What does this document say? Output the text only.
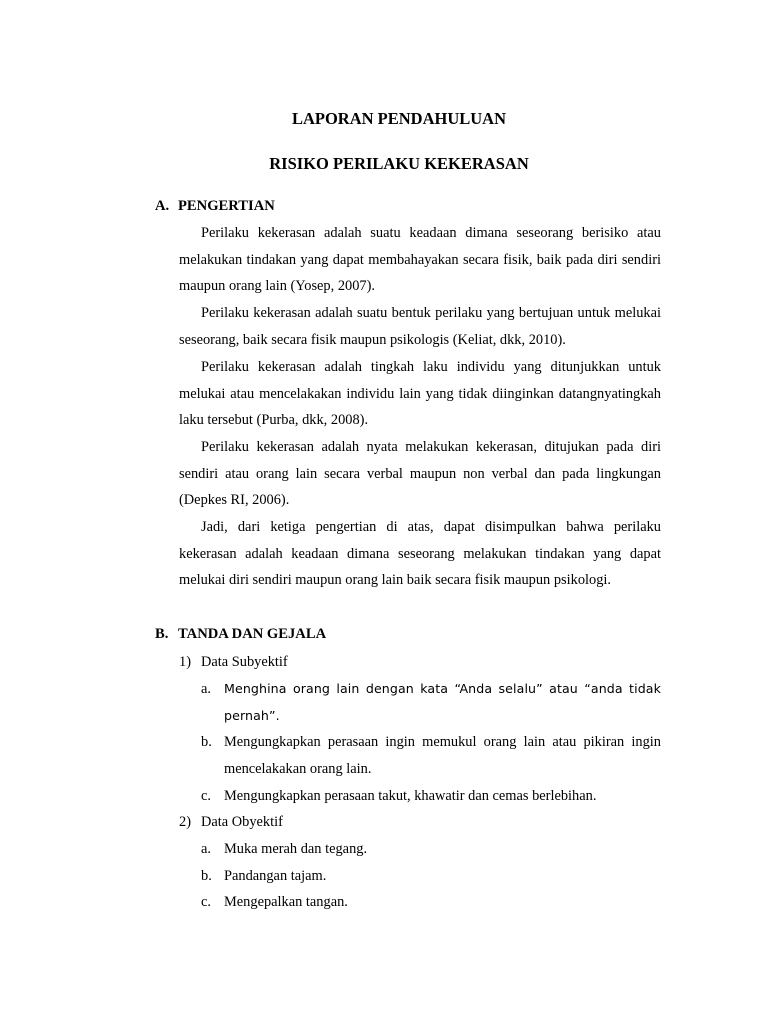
LAPORAN PENDAHULUAN
RISIKO PERILAKU KEKERASAN
A. PENGERTIAN
Perilaku kekerasan adalah suatu keadaan dimana seseorang berisiko atau melakukan tindakan yang dapat membahayakan secara fisik, baik pada diri sendiri maupun orang lain (Yosep, 2007).
Perilaku kekerasan adalah suatu bentuk perilaku yang bertujuan untuk melukai seseorang, baik secara fisik maupun psikologis (Keliat, dkk, 2010).
Perilaku kekerasan adalah tingkah laku individu yang ditunjukkan untuk melukai atau mencelakakan individu lain yang tidak diinginkan datangnyatingkah laku tersebut (Purba, dkk, 2008).
Perilaku kekerasan adalah nyata melakukan kekerasan, ditujukan pada diri sendiri atau orang lain secara verbal maupun non verbal dan pada lingkungan (Depkes RI, 2006).
Jadi, dari ketiga pengertian di atas, dapat disimpulkan bahwa perilaku kekerasan adalah keadaan dimana seseorang melakukan tindakan yang dapat melukai diri sendiri maupun orang lain baik secara fisik maupun psikologi.
B. TANDA DAN GEJALA
1) Data Subyektif
a. Menghina orang lain dengan kata “Anda selalu” atau “anda tidak pernah”.
b. Mengungkapkan perasaan ingin memukul orang lain atau pikiran ingin mencelakakan orang lain.
c. Mengungkapkan perasaan takut, khawatir dan cemas berlebihan.
2) Data Obyektif
a. Muka merah dan tegang.
b. Pandangan tajam.
c. Mengepalkan tangan.
